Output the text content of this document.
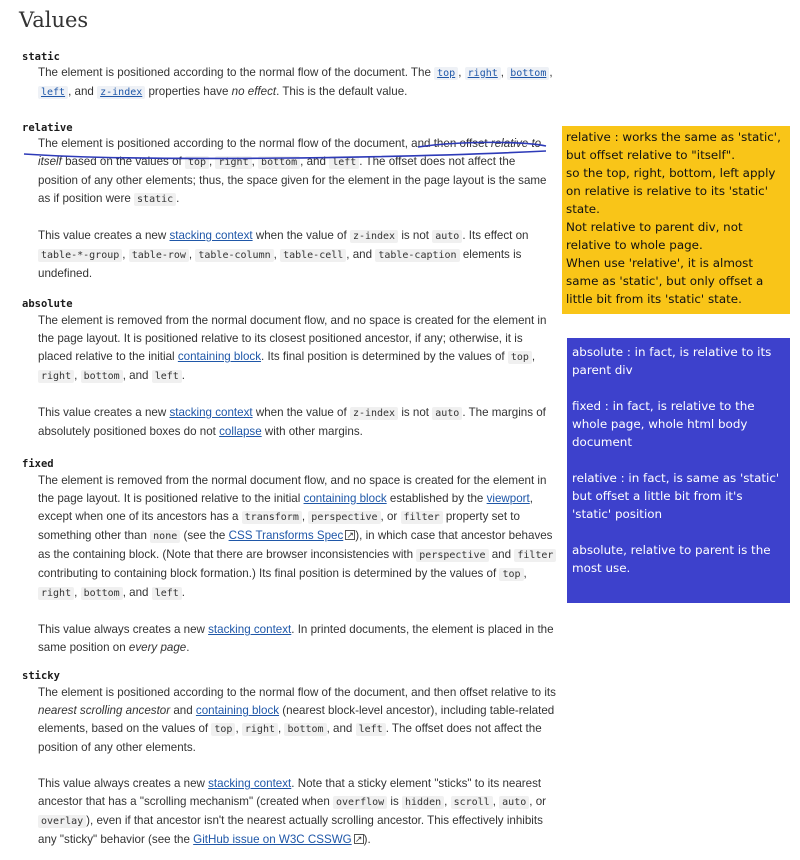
Values
static

The element is positioned according to the normal flow of the document. The top , right , bottom , left , and z-index properties have no effect. This is the default value.

relative

The element is positioned according to the normal flow of the document, and then offset relative to itself based on the values of top , right , bottom , and left . The offset does not affect the position of any other elements; thus, the space given for the element in the page layout is the same as if position were static .

This value creates a new stacking context when the value of z-index is not auto . Its effect on table-*-group , table-row , table-column , table-cell , and table-caption elements is undefined.

absolute

The element is removed from the normal document flow, and no space is created for the element in the page layout. It is positioned relative to its closest positioned ancestor, if any; otherwise, it is placed relative to the initial containing block. Its final position is determined by the values of top , right , bottom , and left .

This value creates a new stacking context when the value of z-index is not auto . The margins of absolutely positioned boxes do not collapse with other margins.

fixed

The element is removed from the normal document flow, and no space is created for the element in the page layout. It is positioned relative to the initial containing block established by the viewport, except when one of its ancestors has a transform , perspective , or filter property set to something other than none (see the CSS Transforms Spec ↗), in which case that ancestor behaves as the containing block. (Note that there are browser inconsistencies with perspective and filter contributing to containing block formation.) Its final position is determined by the values of top , right , bottom , and left .

This value always creates a new stacking context. In printed documents, the element is placed in the same position on every page.

sticky

The element is positioned according to the normal flow of the document, and then offset relative to its nearest scrolling ancestor and containing block (nearest block-level ancestor), including table-related elements, based on the values of top , right , bottom , and left . The offset does not affect the position of any other elements.

This value always creates a new stacking context. Note that a sticky element "sticks" to its nearest ancestor that has a "scrolling mechanism" (created when overflow is hidden , scroll , auto , or overlay ), even if that ancestor isn't the nearest actually scrolling ancestor. This effectively inhibits any "sticky" behavior (see the GitHub issue on W3C CSSWG ↗).

relative : works the same as 'static', but offset relative to "itself".
so the top, right, bottom, left apply on relative is relative to its 'static' state.
Not relative to parent div, not relative to whole page.
When use 'relative', it is almost same as 'static', but only offset a little bit from its 'static' state.
absolute : in fact, is relative to its parent div
fixed : in fact, is relative to the whole page, whole html body document
relative : in fact, is same as 'static' but offset a little bit from it's 'static' position
absolute, relative to parent is the most use.
